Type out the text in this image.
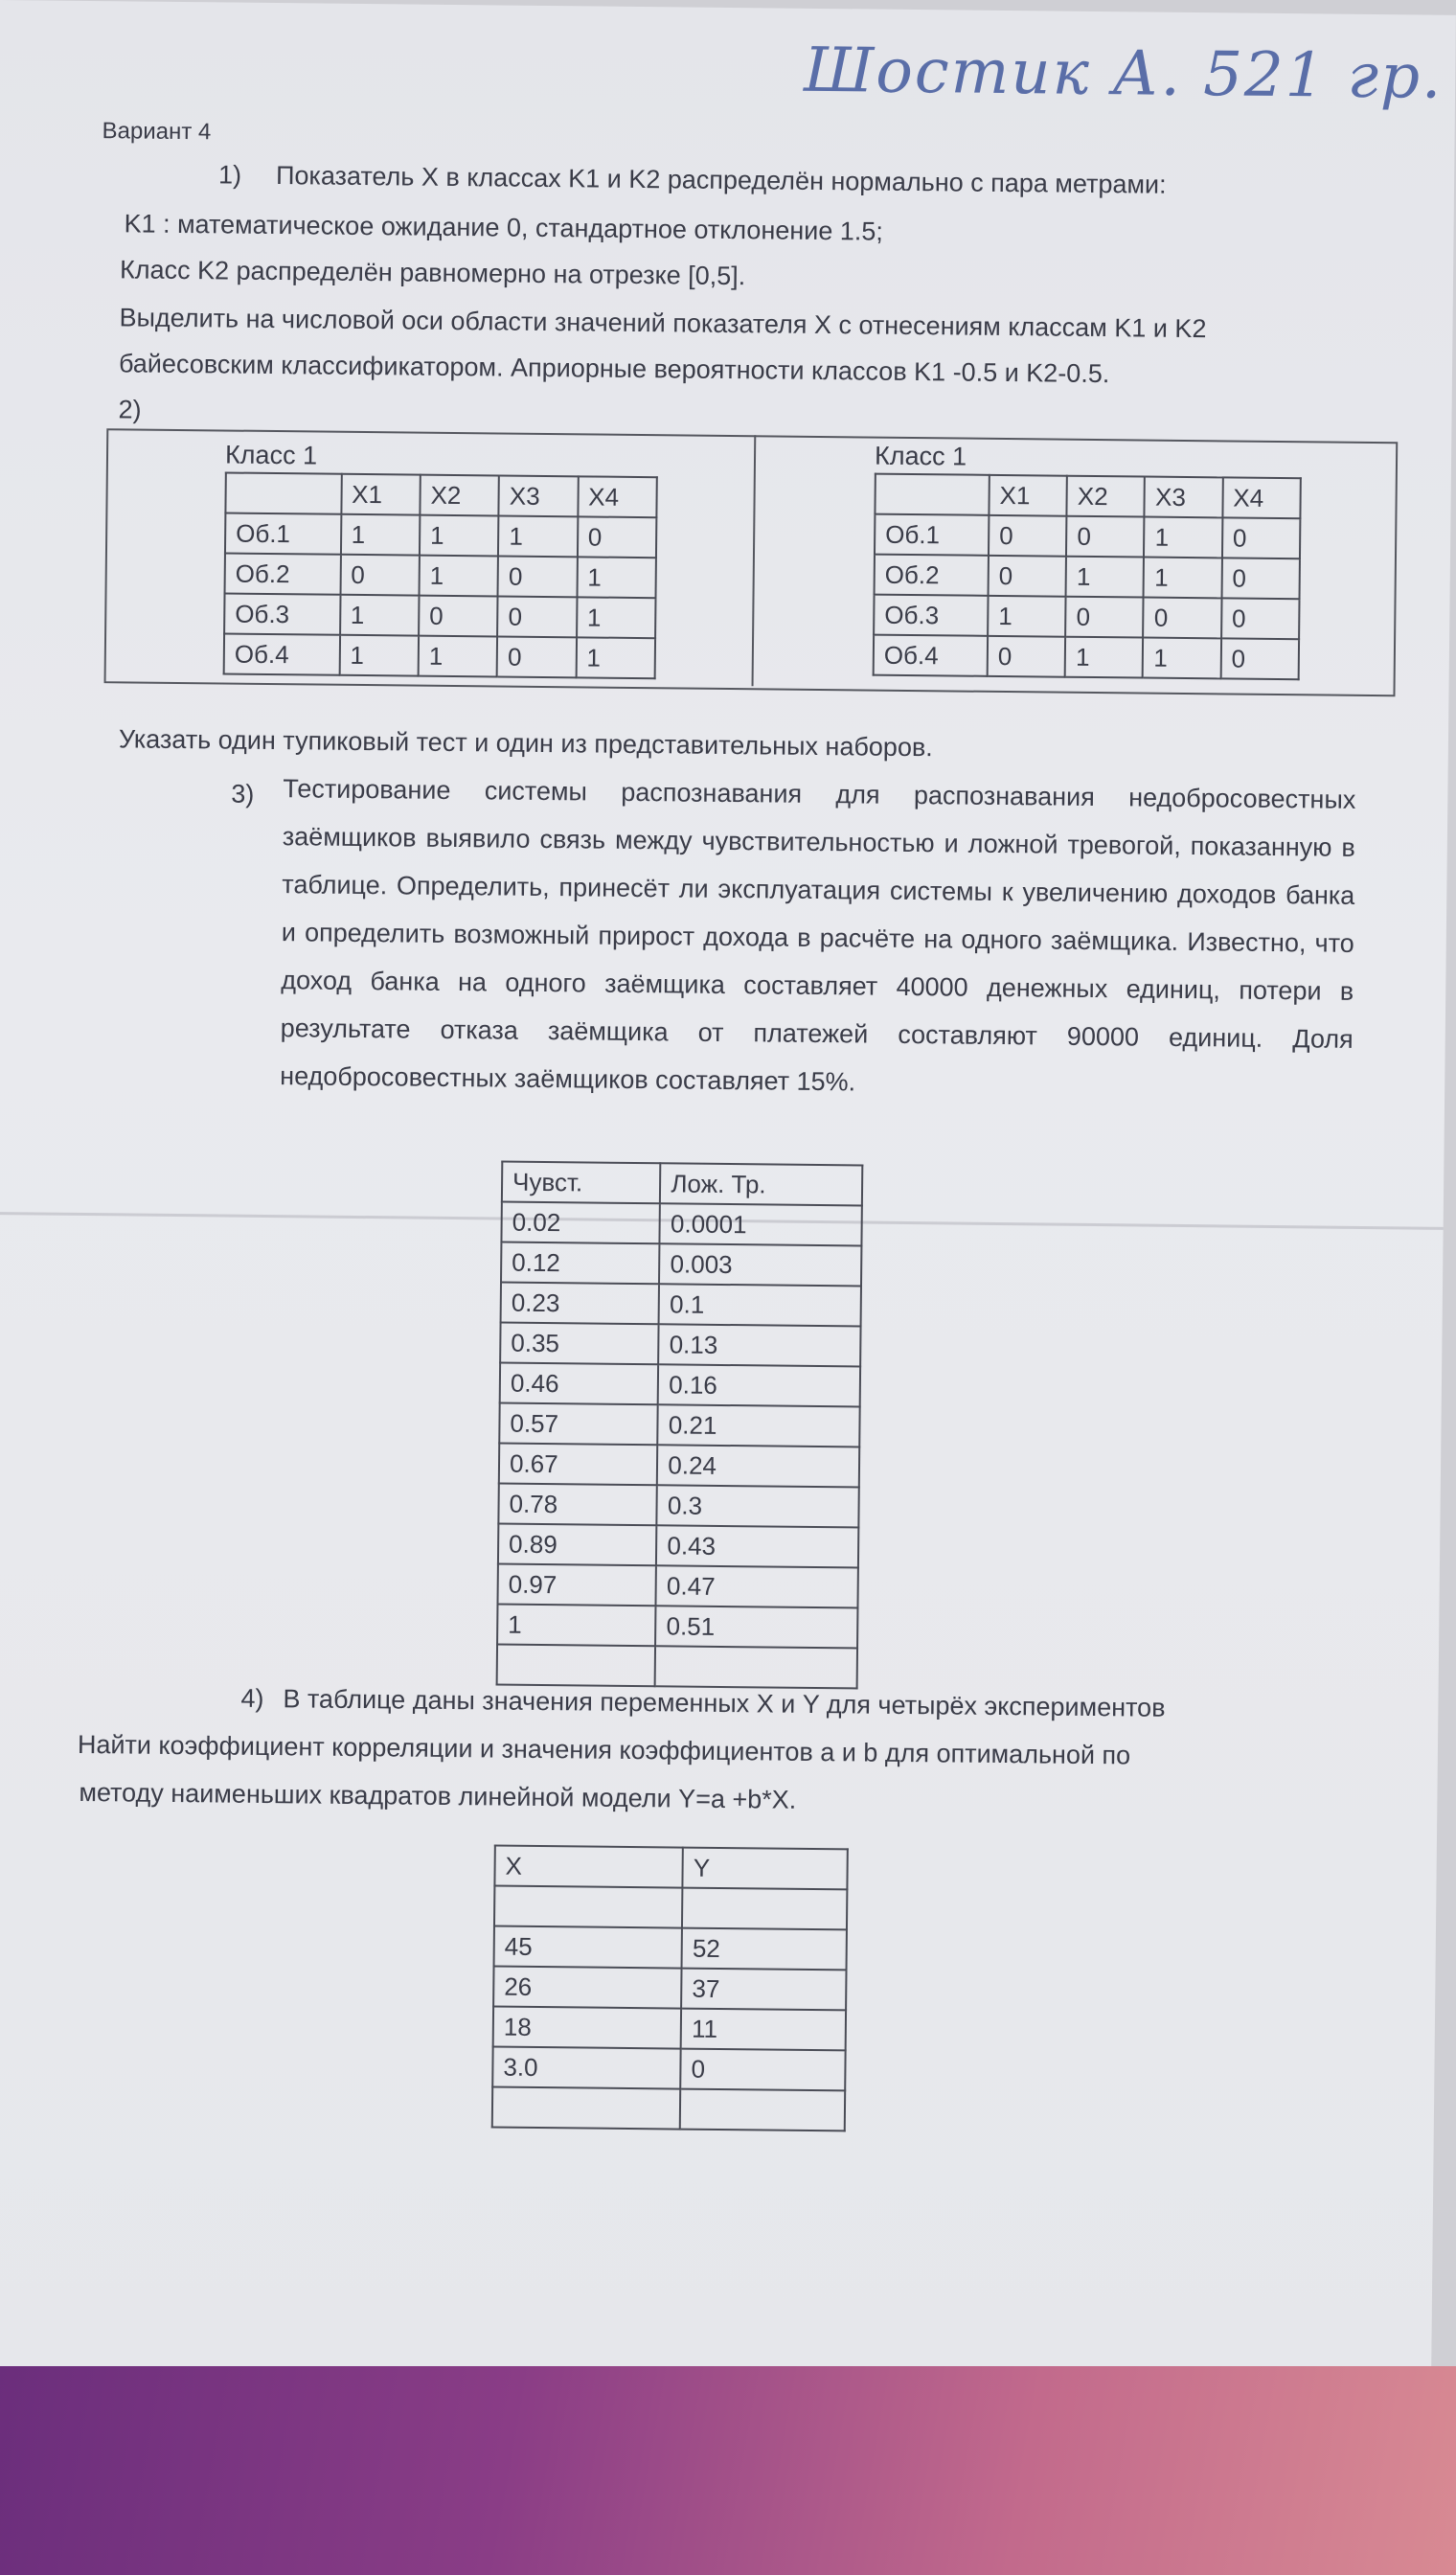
Шостик А. 521 гр.
Вариант 4
1) Показатель X в классах K1 и K2 распределён нормально с пара метрами:
K1 : математическое ожидание 0, стандартное отклонение 1.5;
Класс K2 распределён равномерно на отрезке [0,5].
Выделить на числовой оси области значений показателя X с отнесениям классам K1 и K2
байесовским классификатором. Априорные вероятности классов K1 -0.5 и K2-0.5.
2)
Класс 1
	X1	X2	X3	X4
Об.1	1	1	1	0
Об.2	0	1	0	1
Об.3	1	0	0	1
Об.4	1	1	0	1
Класс 1
	X1	X2	X3	X4
Об.1	0	0	1	0
Об.2	0	1	1	0
Об.3	1	0	0	0
Об.4	0	1	1	0
Указать один тупиковый тест и один из представительных наборов.
3) Тестирование системы распознавания для распознавания недобросовестных заёмщиков выявило связь между чувствительностью и ложной тревогой, показанную в таблице. Определить, принесёт ли эксплуатация системы к увеличению доходов банка и определить возможный прирост дохода в расчёте на одного заёмщика. Известно, что доход банка на одного заёмщика составляет 40000 денежных единиц, потери в результате отказа заёмщика от платежей составляют 90000 единиц. Доля недобросовестных заёмщиков составляет 15%.
Чувст.	Лож. Тр.
0.02	0.0001
0.12	0.003
0.23	0.1
0.35	0.13
0.46	0.16
0.57	0.21
0.67	0.24
0.78	0.3
0.89	0.43
0.97	0.47
1	0.51

4) В таблице даны значения переменных X и Y для четырёх экспериментов
Найти коэффициент корреляции и значения коэффициентов a и b для оптимальной по
методу наименьших квадратов линейной модели Y=a +b*X.
X	Y

45	52
26	37
18	11
3.0	0
